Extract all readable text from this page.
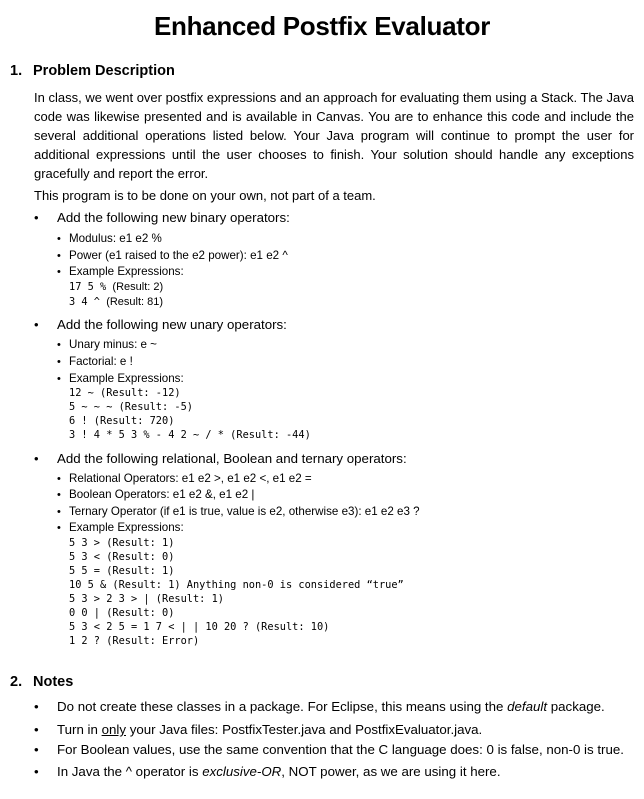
Enhanced Postfix Evaluator
1. Problem Description

In class, we went over postfix expressions and an approach for evaluating them using a Stack. The Java code was likewise presented and is available in Canvas. You are to enhance this code and include the several additional operations listed below. Your Java program will continue to prompt the user for additional expressions until the user chooses to finish. Your solution should handle any exceptions gracefully and report the error.

This program is to be done on your own, not part of a team.

• Add the following new binary operators:
• Modulus: e1 e2 %
• Power (e1 raised to the e2 power): e1 e2 ^
• Example Expressions:
17 5 % (Result: 2)
3 4 ^ (Result: 81)
• Add the following new unary operators:
• Unary minus: e ~
• Factorial: e !
• Example Expressions:
12 ~ (Result: -12)
5 ~ ~ ~ (Result: -5)
6 ! (Result: 720)
3 ! 4 * 5 3 % - 4 2 ~ / * (Result: -44)
• Add the following relational, Boolean and ternary operators:
• Relational Operators: e1 e2 >, e1 e2 <, e1 e2 =
• Boolean Operators: e1 e2 &, e1 e2 |
• Ternary Operator (if e1 is true, value is e2, otherwise e3): e1 e2 e3 ?
• Example Expressions:
5 3 > (Result: 1)
5 3 < (Result: 0)
5 5 = (Result: 1)
10 5 & (Result: 1) Anything non-0 is considered “true”
5 3 > 2 3 > | (Result: 1)
0 0 | (Result: 0)
5 3 < 2 5 = 1 7 < | | 10 20 ? (Result: 10)
1 2 ? (Result: Error)
2. Notes
• Do not create these classes in a package. For Eclipse, this means using the default package.
• Turn in only your Java files: PostfixTester.java and PostfixEvaluator.java.
• For Boolean values, use the same convention that the C language does: 0 is false, non-0 is true.
• In Java the ^ operator is exclusive-OR, NOT power, as we are using it here.
